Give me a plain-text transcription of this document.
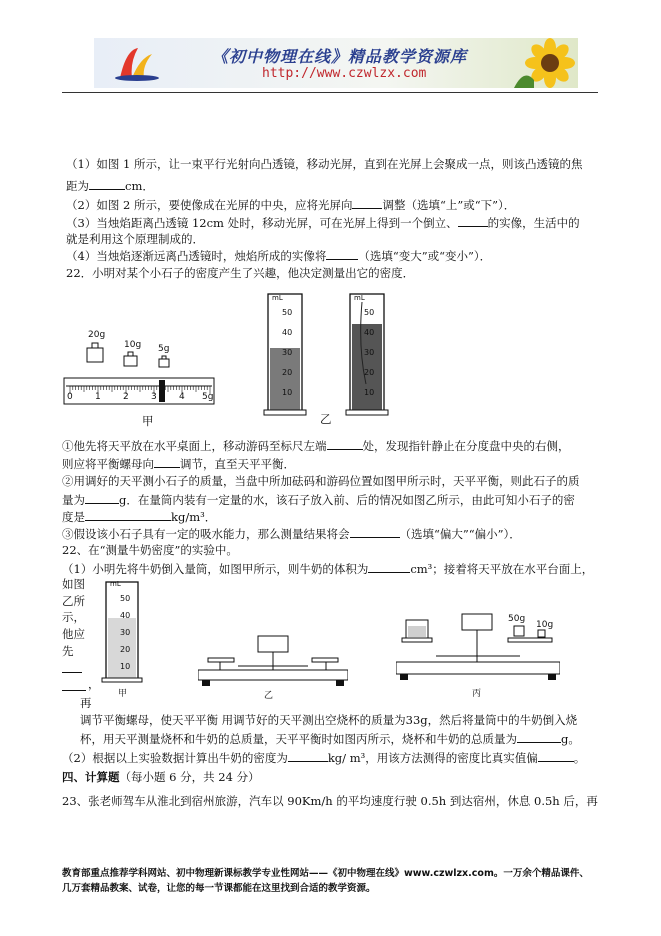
《初中物理在线》精品教学资源库
http://www.czwlzx.com
（1）如图 1 所示，让一束平行光射向凸透镜，移动光屏，直到在光屏上会聚成一点，则该凸透镜的焦
距为	cm．
（2）如图 2 所示，要使像成在光屏的中央，应将光屏向	调整（选填“上”或“下”）．
（3）当烛焰距离凸透镜 12cm 处时，移动光屏，可在光屏上得到一个倒立、	的实像，生活中的
就是利用这个原理制成的．
（4）当烛焰逐渐远离凸透镜时，烛焰所成的实像将	（选填“变大”或“变小”）．
22．小明对某个小石子的密度产生了兴趣，他决定测量出它的密度．
20g
10g 5g
0 1 2 3 4 5g
甲
mL
50
40
30
20
10
mL
50
40
30
20
10
乙
①他先将天平放在水平桌面上，移动游码至标尺左端	处，发现指针静止在分度盘中央的右侧，
则应将平衡螺母向 调节，直至天平平衡．
②用调好的天平测小石子的质量，当盘中所加砝码和游码位置如图甲所示时，天平平衡，则此石子的质
量为	g．在量筒内装有一定量的水，该石子放入前、后的情况如图乙所示，由此可知小石子的密
度是	kg/m³．
③假设该小石子具有一定的吸水能力，那么测量结果将会	（选填“偏大”“偏小”）．
22、在“测量牛奶密度”的实验中。
（1）小明先将牛奶倒入量筒，如图甲所示，则牛奶的体积为	cm³；接着将天平放在水平台面上，
如图
乙所
示，
他应
先
，
再
mL
50
40
30
20
10
甲	乙
50g
10g
丙
调节平衡螺母，使天平平衡 用调节好的天平测出空烧杯的质量为33g，然后将量筒中的牛奶倒入烧
杯，用天平测量烧杯和牛奶的总质量，天平平衡时如图丙所示，烧杯和牛奶的总质量为	g。
（2）根据以上实验数据计算出牛奶的密度为	kg/ m³，用该方法测得的密度比真实值偏	。
四、计算题（每小题 6 分，共 24 分）
23、张老师驾车从淮北到宿州旅游，汽车以 90Km/h 的平均速度行驶 0.5h 到达宿州，休息 0.5h 后，再
教育部重点推荐学科网站、初中物理新课标教学专业性网站——《初中物理在线》www.czwlzx.com。一万余个精品课件、
几万套精品教案、试卷，让您的每一节课都能在这里找到合适的教学资源。
